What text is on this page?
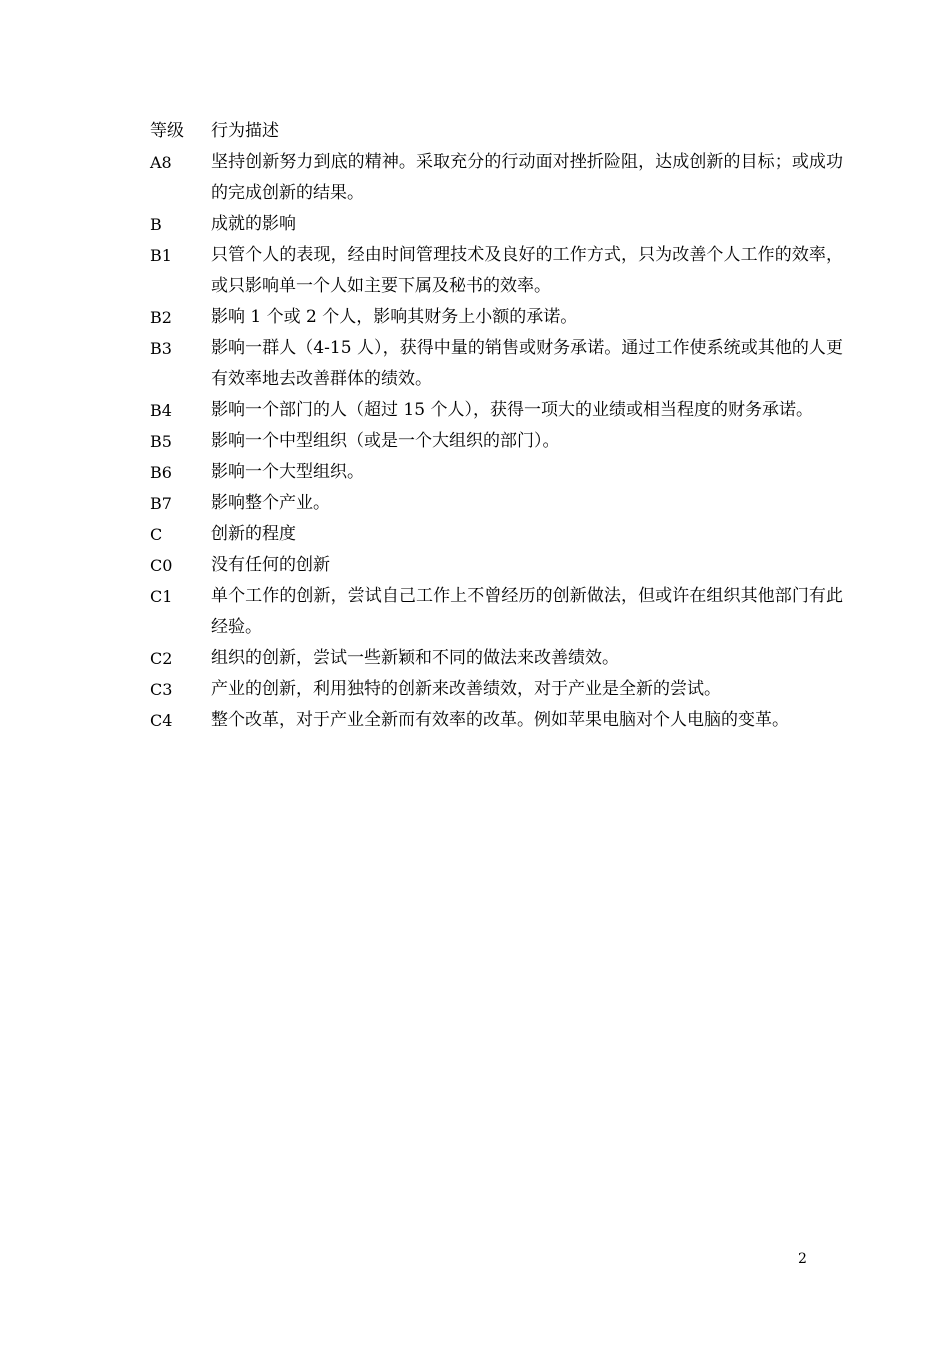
等级	行为描述
A8	坚持创新努力到底的精神。采取充分的行动面对挫折险阻，达成创新的目标；或成功的完成创新的结果。
B	成就的影响
B1	只管个人的表现，经由时间管理技术及良好的工作方式，只为改善个人工作的效率，或只影响单一个人如主要下属及秘书的效率。
B2	影响 1 个或 2 个人，影响其财务上小额的承诺。
B3	影响一群人（4-15 人），获得中量的销售或财务承诺。通过工作使系统或其他的人更有效率地去改善群体的绩效。
B4	影响一个部门的人（超过 15 个人），获得一项大的业绩或相当程度的财务承诺。
B5	影响一个中型组织（或是一个大组织的部门）。
B6	影响一个大型组织。
B7	影响整个产业。
C	创新的程度
C0	没有任何的创新
C1	单个工作的创新，尝试自己工作上不曾经历的创新做法，但或许在组织其他部门有此经验。
C2	组织的创新，尝试一些新颖和不同的做法来改善绩效。
C3	产业的创新，利用独特的创新来改善绩效，对于产业是全新的尝试。
C4	整个改革，对于产业全新而有效率的改革。例如苹果电脑对个人电脑的变革。
2
